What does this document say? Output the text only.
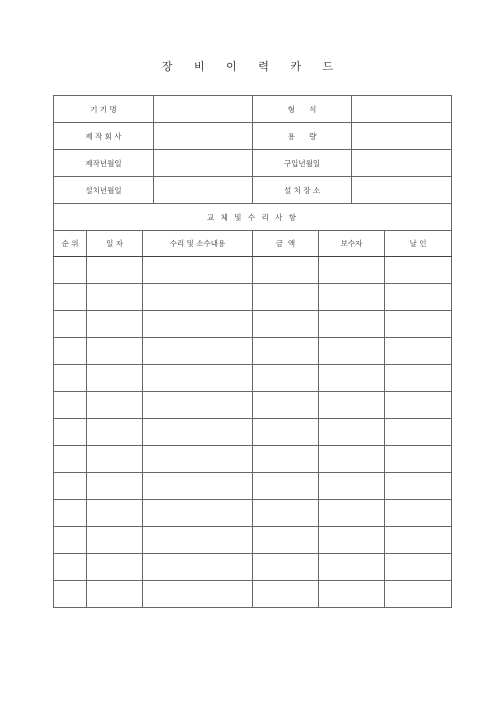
장 비 이 력 카 드
기 기 명				형      식			
제 작 회 사				용      량			
제작년월일				구입년월일			
설치년월일				설 치 장 소			
교 체 및 수 리 사 항							
순 위	일 자	수리 및 소수내용		금  액	보수자		날 인
